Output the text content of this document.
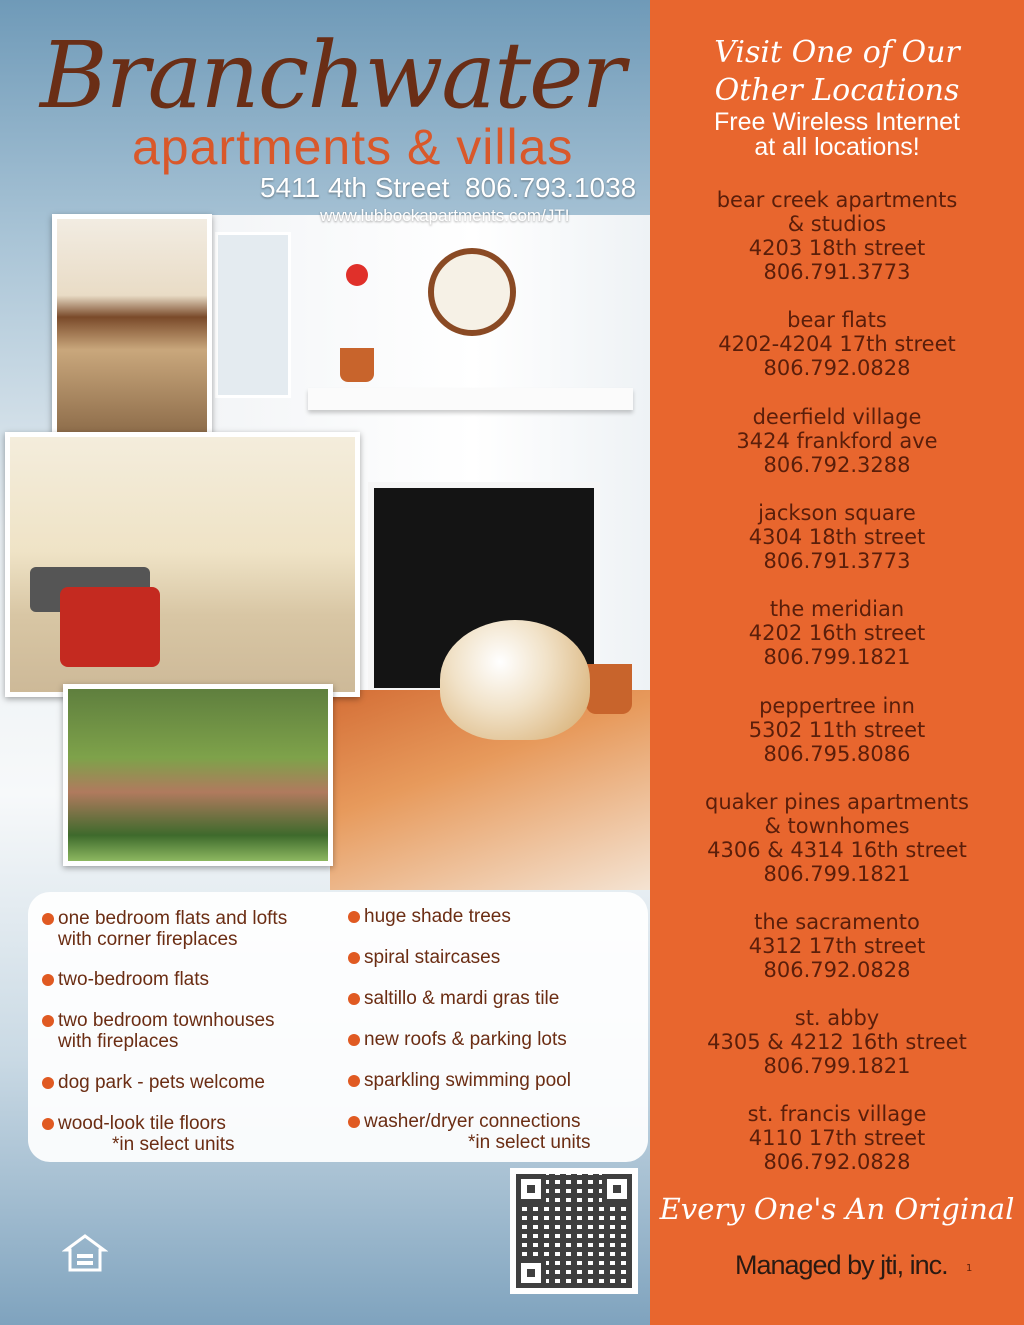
one bedroom flats and lofts
with corner fireplaces
two-bedroom flats
two bedroom townhouses
with fireplaces
dog park - pets welcome
wood-look tile floors
*in select units
huge shade trees
spiral staircases
saltillo & mardi gras tile
new roofs & parking lots
sparkling swimming pool
washer/dryer connections
*in select units
Branchwater
apartments & villas
5411 4th Street 806.793.1038
www.lubbockapartments.com/JTI
Visit One of Our
Other Locations
Free Wireless Internet
at all locations!
bear creek apartments
& studios
4203 18th street
806.791.3773
bear flats
4202-4204 17th street
806.792.0828
deerfield village
3424 frankford ave
806.792.3288
jackson square
4304 18th street
806.791.3773
the meridian
4202 16th street
806.799.1821
peppertree inn
5302 11th street
806.795.8086
quaker pines apartments
& townhomes
4306 & 4314 16th street
806.799.1821
the sacramento
4312 17th street
806.792.0828
st. abby
4305 & 4212 16th street
806.799.1821
st. francis village
4110 17th street
806.792.0828
Every One's An Original
Managed by jti, inc. 1
